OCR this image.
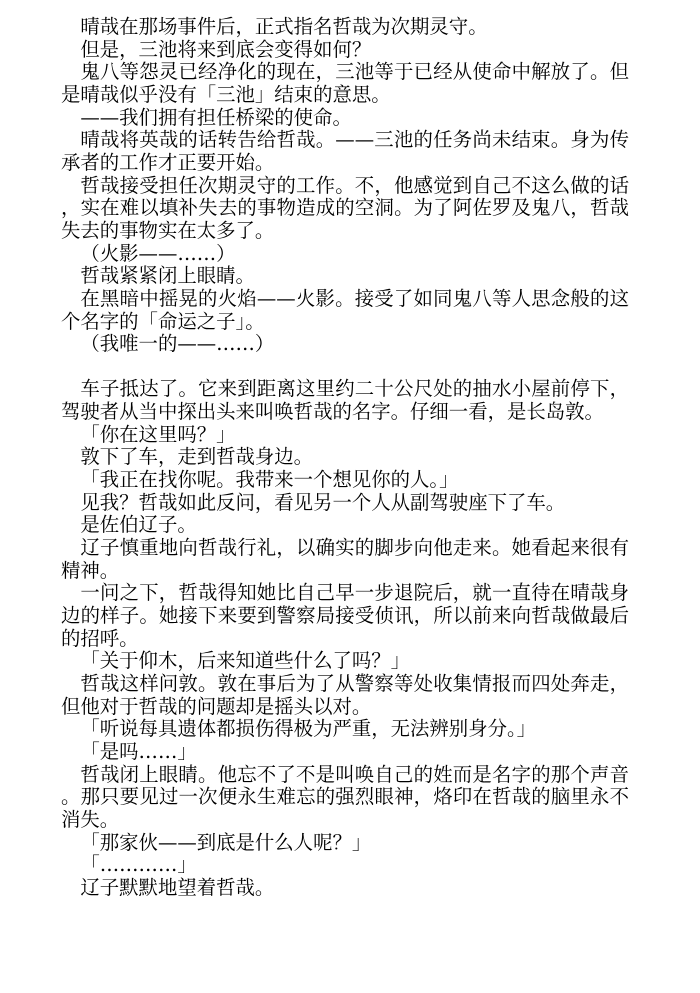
晴哉在那场事件后，正式指名哲哉为次期灵守。

但是，三池将来到底会变得如何？

鬼八等怨灵已经净化的现在，三池等于已经从使命中解放了。但是晴哉似乎没有「三池」结束的意思。

——我们拥有担任桥梁的使命。

晴哉将英哉的话转告给哲哉。——三池的任务尚未结束。身为传承者的工作才正要开始。

哲哉接受担任次期灵守的工作。不，他感觉到自己不这么做的话，实在难以填补失去的事物造成的空洞。为了阿佐罗及鬼八，哲哉失去的事物实在太多了。

（火影——……）

哲哉紧紧闭上眼睛。

在黑暗中摇晃的火焰——火影。接受了如同鬼八等人思念般的这个名字的「命运之子」。

（我唯一的——……）

车子抵达了。它来到距离这里约二十公尺处的抽水小屋前停下，驾驶者从当中探出头来叫唤哲哉的名字。仔细一看，是长岛敦。

「你在这里吗？」

敦下了车，走到哲哉身边。

「我正在找你呢。我带来一个想见你的人。」

见我？哲哉如此反问，看见另一个人从副驾驶座下了车。

是佐伯辽子。

辽子慎重地向哲哉行礼，以确实的脚步向他走来。她看起来很有精神。

一问之下，哲哉得知她比自己早一步退院后，就一直待在晴哉身边的样子。她接下来要到警察局接受侦讯，所以前来向哲哉做最后的招呼。

「关于仰木，后来知道些什么了吗？」

哲哉这样问敦。敦在事后为了从警察等处收集情报而四处奔走，但他对于哲哉的问题却是摇头以对。

「听说每具遗体都损伤得极为严重，无法辨别身分。」

「是吗……」

哲哉闭上眼睛。他忘不了不是叫唤自己的姓而是名字的那个声音。那只要见过一次便永生难忘的强烈眼神，烙印在哲哉的脑里永不消失。

「那家伙——到底是什么人呢？」

「…………」

辽子默默地望着哲哉。
